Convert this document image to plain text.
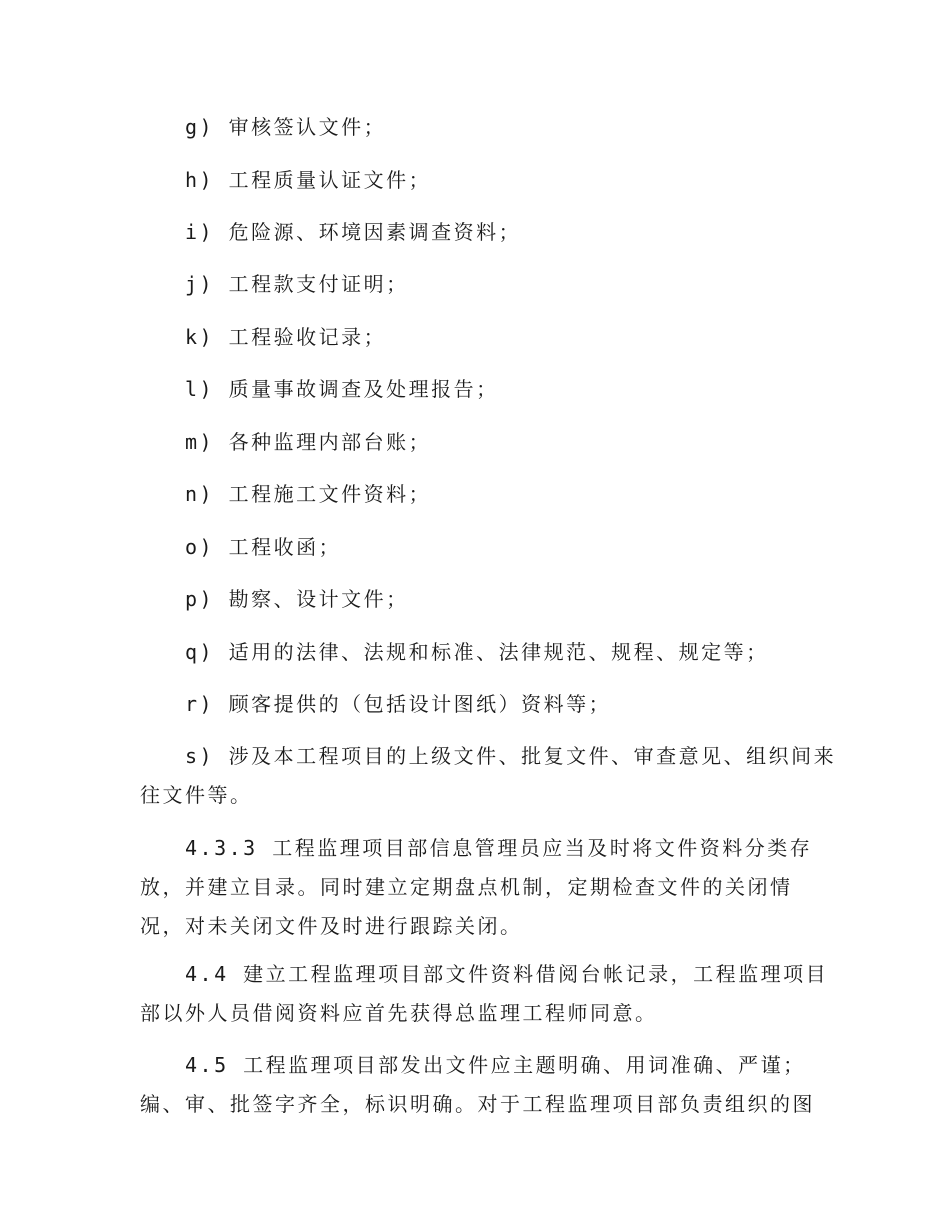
g) 审核签认文件；
h) 工程质量认证文件；
i) 危险源、环境因素调查资料；
j) 工程款支付证明；
k) 工程验收记录；
l) 质量事故调查及处理报告；
m) 各种监理内部台账；
n) 工程施工文件资料；
o) 工程收函；
p) 勘察、设计文件；
q) 适用的法律、法规和标准、法律规范、规程、规定等；
r) 顾客提供的（包括设计图纸）资料等；
s) 涉及本工程项目的上级文件、批复文件、审查意见、组织间来
往文件等。
4.3.3 工程监理项目部信息管理员应当及时将文件资料分类存
放，并建立目录。同时建立定期盘点机制，定期检查文件的关闭情
况，对未关闭文件及时进行跟踪关闭。
4.4 建立工程监理项目部文件资料借阅台帐记录，工程监理项目
部以外人员借阅资料应首先获得总监理工程师同意。
4.5 工程监理项目部发出文件应主题明确、用词准确、严谨；
编、审、批签字齐全，标识明确。对于工程监理项目部负责组织的图
